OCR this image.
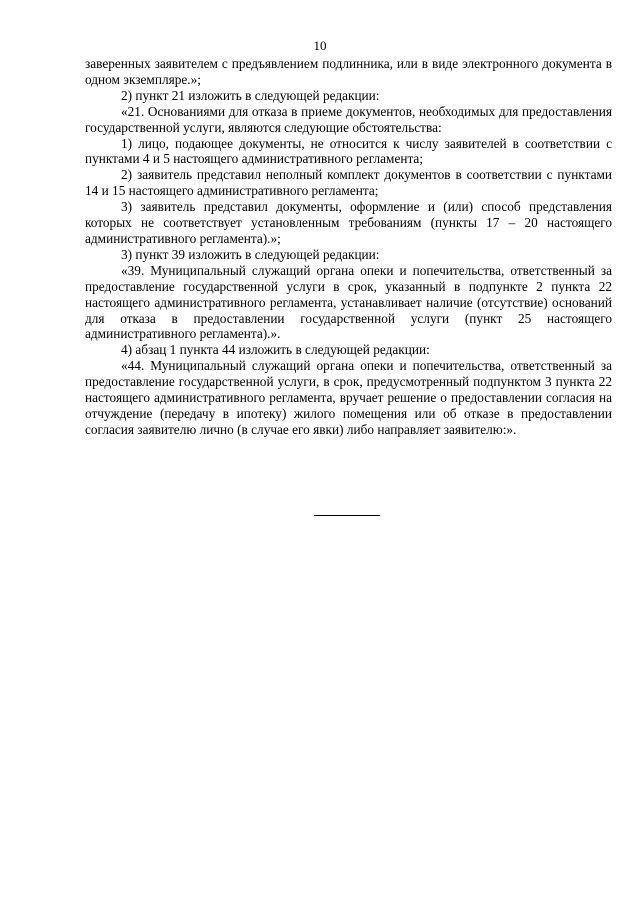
10

заверенных заявителем с предъявлением подлинника, или в виде электронного документа в одном экземпляре.»;

2) пункт 21 изложить в следующей редакции:

«21. Основаниями для отказа в приеме документов, необходимых для предоставления государственной услуги, являются следующие обстоятельства:

1) лицо, подающее документы, не относится к числу заявителей в соответствии с пунктами 4 и 5 настоящего административного регламента;

2) заявитель представил неполный комплект документов в соответствии с пунктами 14 и 15 настоящего административного регламента;

3) заявитель представил документы, оформление и (или) способ представления которых не соответствует установленным требованиям (пункты 17 – 20 настоящего административного регламента).»;

3) пункт 39 изложить в следующей редакции:

«39. Муниципальный служащий органа опеки и попечительства, ответственный за предоставление государственной услуги в срок, указанный в подпункте 2 пункта 22 настоящего административного регламента, устанавливает наличие (отсутствие) оснований для отказа в предоставлении государственной услуги (пункт 25 настоящего административного регламента).».

4) абзац 1 пункта 44 изложить в следующей редакции:

«44. Муниципальный служащий органа опеки и попечительства, ответственный за предоставление государственной услуги, в срок, предусмотренный подпунктом 3 пункта 22 настоящего административного регламента, вручает решение о предоставлении согласия на отчуждение (передачу в ипотеку) жилого помещения или об отказе в предоставлении согласия заявителю лично (в случае его явки) либо направляет заявителю:».
